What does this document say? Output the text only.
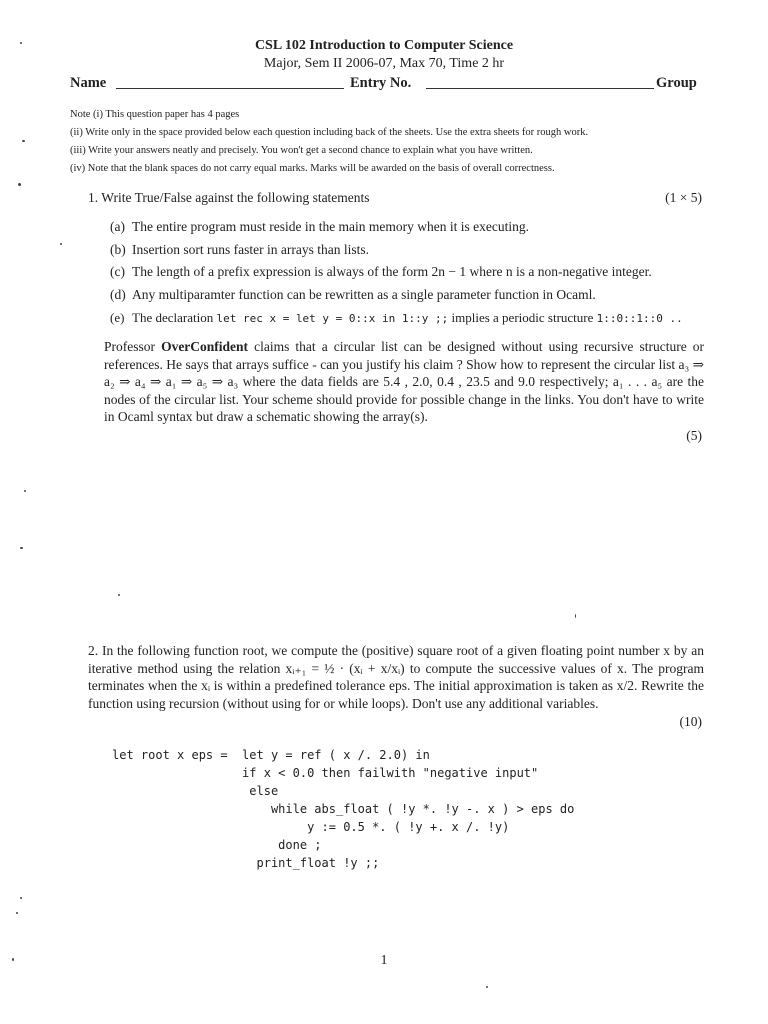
CSL 102 Introduction to Computer Science
Major, Sem II 2006-07, Max 70, Time 2 hr
Name	Entry No.	Group
Note (i) This question paper has 4 pages
(ii) Write only in the space provided below each question including back of the sheets. Use the extra sheets for rough work.
(iii) Write your answers neatly and precisely. You won't get a second chance to explain what you have written.
(iv) Note that the blank spaces do not carry equal marks. Marks will be awarded on the basis of overall correctness.
1. Write True/False against the following statements	(1 × 5)
(a) The entire program must reside in the main memory when it is executing.
(b) Insertion sort runs faster in arrays than lists.
(c) The length of a prefix expression is always of the form 2n − 1 where n is a non-negative integer.
(d) Any multiparamter function can be rewritten as a single parameter function in Ocaml.
(e) The declaration let rec x = let y = 0::x in 1::y ;; implies a periodic structure 1::0::1::0 ..
Professor OverConfident claims that a circular list can be designed without using recursive structure or references. He says that arrays suffice - can you justify his claim ? Show how to represent the circular list a₃ ⇒ a₂ ⇒ a₄ ⇒ a₁ ⇒ a₅ ⇒ a₃ where the data fields are 5.4 , 2.0, 0.4 , 23.5 and 9.0 respectively; a₁ . . . a₅ are the nodes of the circular list. Your scheme should provide for possible change in the links. You don't have to write in Ocaml syntax but draw a schematic showing the array(s).
(5)
2. In the following function root, we compute the (positive) square root of a given floating point number x by an iterative method using the relation xᵢ₊₁ = ½ · (xᵢ + x/xᵢ) to compute the successive values of x. The program terminates when the xᵢ is within a predefined tolerance eps. The initial approximation is taken as x/2. Rewrite the function using recursion (without using for or while loops). Don't use any additional variables.
(10)
let root x eps =  let y = ref ( x /. 2.0) in
if x < 0.0 then failwith "negative input"
else
while abs_float ( !y *. !y -. x ) > eps do
y := 0.5 *. ( !y +. x /. !y)
done ;
print_float !y ;;
1
